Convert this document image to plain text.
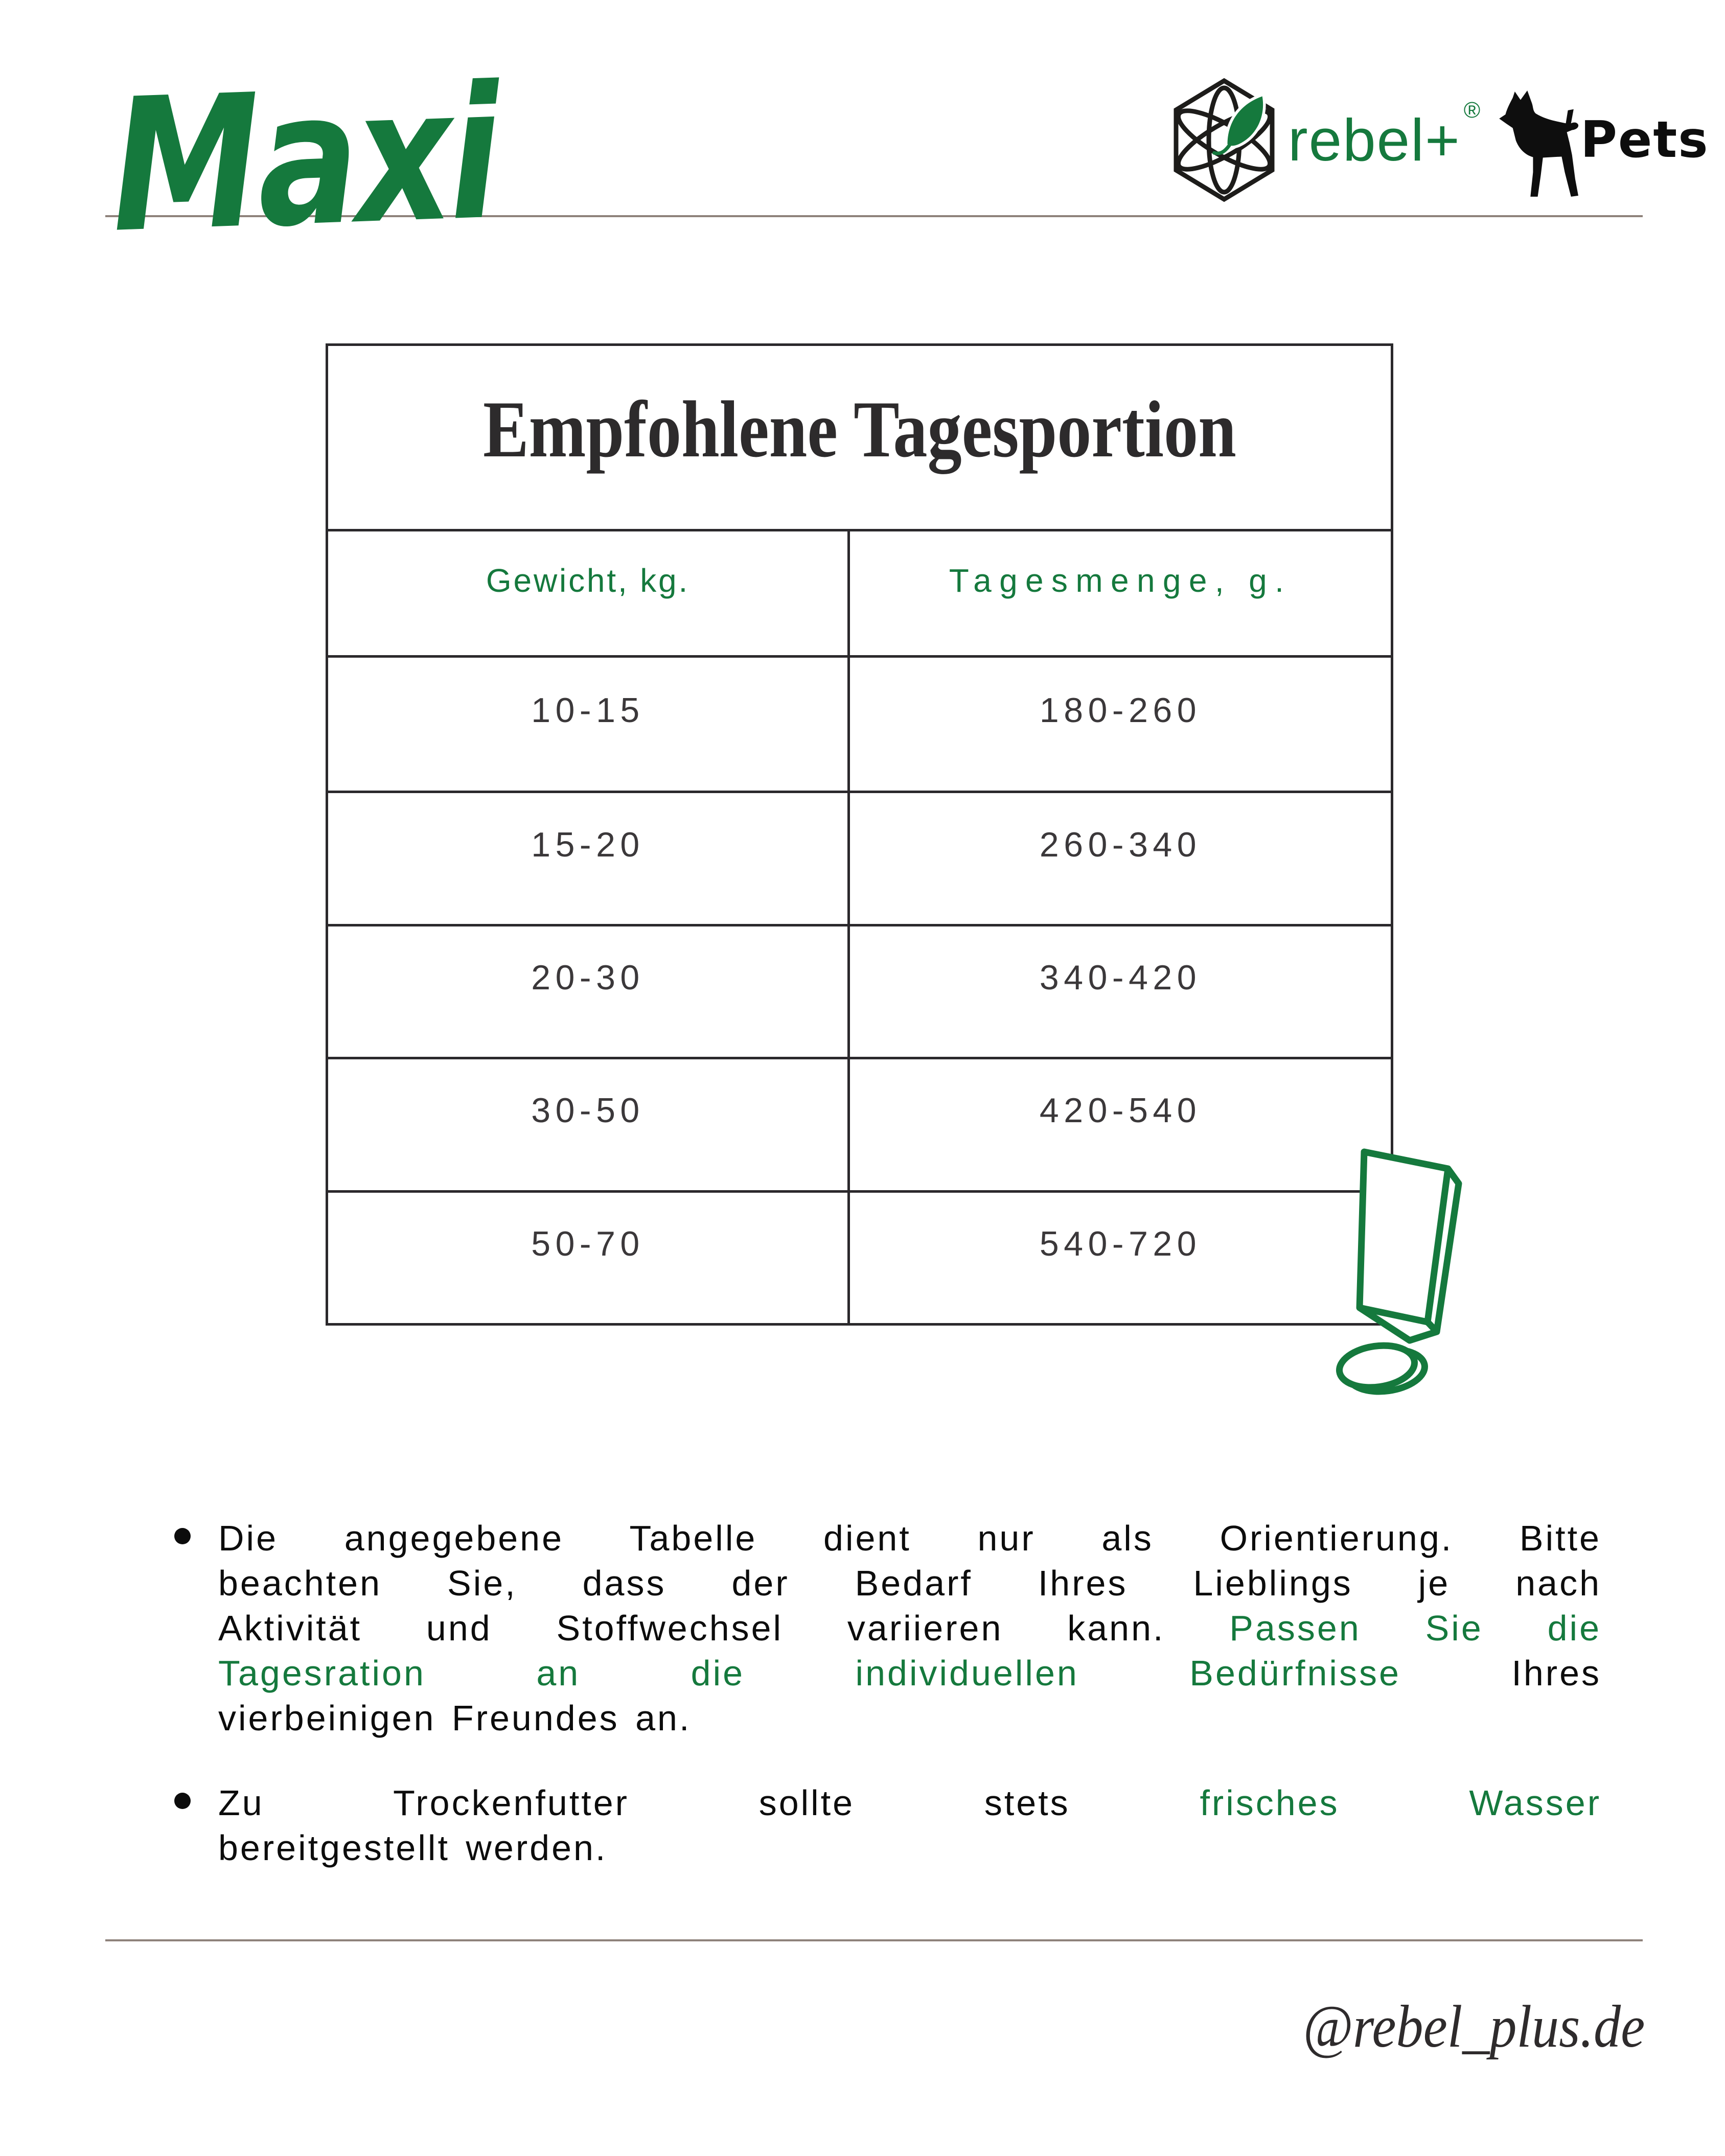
Maxi	rebel+ ®
Pets
Empfohlene Tagesportion
Gewicht, kg.	Tagesmenge, g.
10-15	180-260
15-20	260-340
20-30	340-420
30-50	420-540
50-70	540-720
Die angegebene Tabelle dient nur als Orientierung. Bitte
beachten Sie, dass der Bedarf Ihres Lieblings je nach
Aktivität und Stoffwechsel variieren kann. Passen Sie die
Tagesration an die individuellen Bedürfnisse Ihres
vierbeinigen Freundes an.
Zu Trockenfutter sollte stets frisches Wasser
bereitgestellt werden.
@rebel_plus.de
